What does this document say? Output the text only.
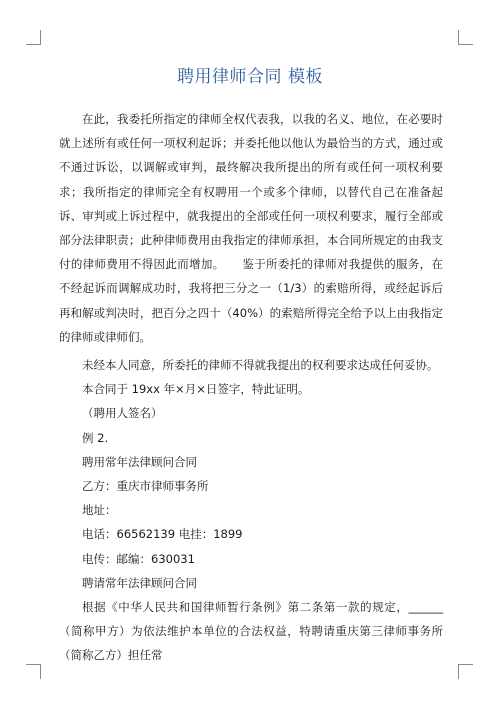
聘用律师合同 模板

在此，我委托所指定的律师全权代表我，以我的名义、地位，在必要时就上述所有或任何一项权利起诉；并委托他以他认为最恰当的方式，通过或不通过诉讼，以调解或审判，最终解决我所提出的所有或任何一项权利要求；我所指定的律师完全有权聘用一个或多个律师，以替代自己在准备起诉、审判或上诉过程中，就我提出的全部或任何一项权利要求，履行全部或部分法律职责；此种律师费用由我指定的律师承担，本合同所规定的由我支付的律师费用不得因此而增加。　　鉴于所委托的律师对我提供的服务，在不经起诉而调解成功时，我将把三分之一（1/3）的索赔所得，或经起诉后再和解或判决时，把百分之四十（40%）的索赔所得完全给予以上由我指定的律师或律师们。

未经本人同意，所委托的律师不得就我提出的权利要求达成任何妥协。

本合同于 19xx 年×月×日签字，特此证明。

（聘用人签名）

例 2.

聘用常年法律顾问合同

乙方：重庆市律师事务所

地址：

电话：66562139 电挂：1899

电传：邮编：630031

聘请常年法律顾问合同

根据《中华人民共和国律师暂行条例》第二条第一款的规定，______（简称甲方）为依法维护本单位的合法权益，特聘请重庆第三律师事务所（简称乙方）担任常
